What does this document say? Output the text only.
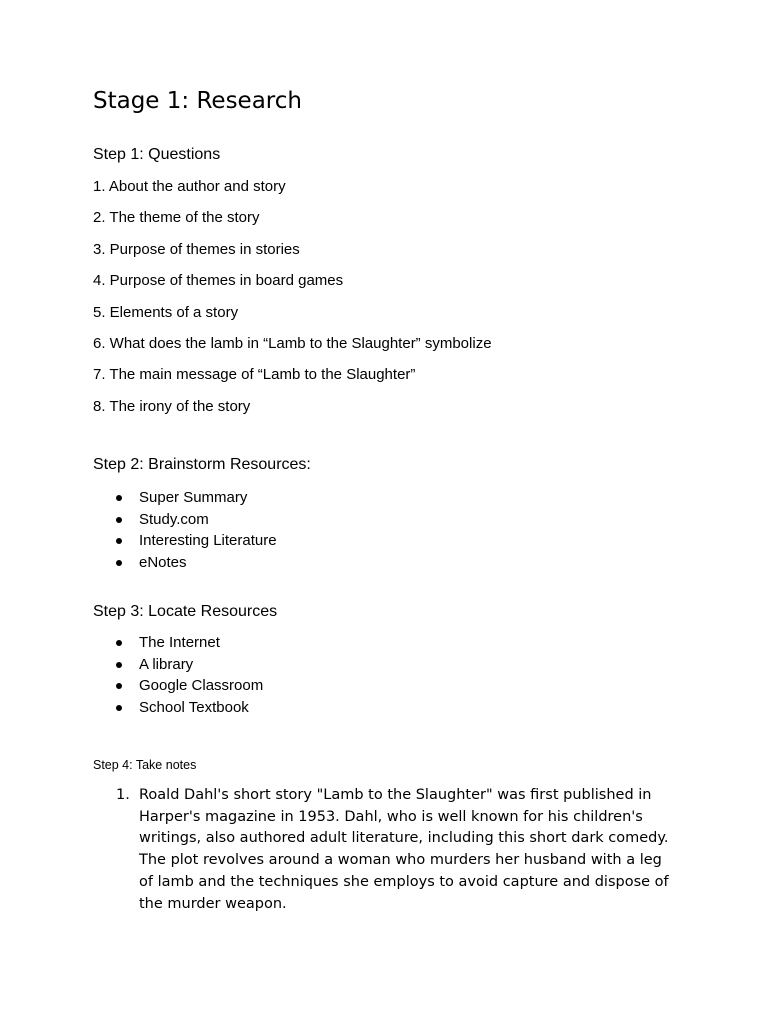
Stage 1: Research
Step 1: Questions
1. About the author and story
2. The theme of the story
3. Purpose of themes in stories
4. Purpose of themes in board games
5. Elements of a story
6. What does the lamb in “Lamb to the Slaughter” symbolize
7. The main message of “Lamb to the Slaughter”
8. The irony of the story
Step 2: Brainstorm Resources:
Super Summary
Study.com
Interesting Literature
eNotes
Step 3: Locate Resources
The Internet
A library
Google Classroom
School Textbook
Step 4: Take notes
1. Roald Dahl's short story "Lamb to the Slaughter" was first published in Harper's magazine in 1953. Dahl, who is well known for his children's writings, also authored adult literature, including this short dark comedy. The plot revolves around a woman who murders her husband with a leg of lamb and the techniques she employs to avoid capture and dispose of the murder weapon.
